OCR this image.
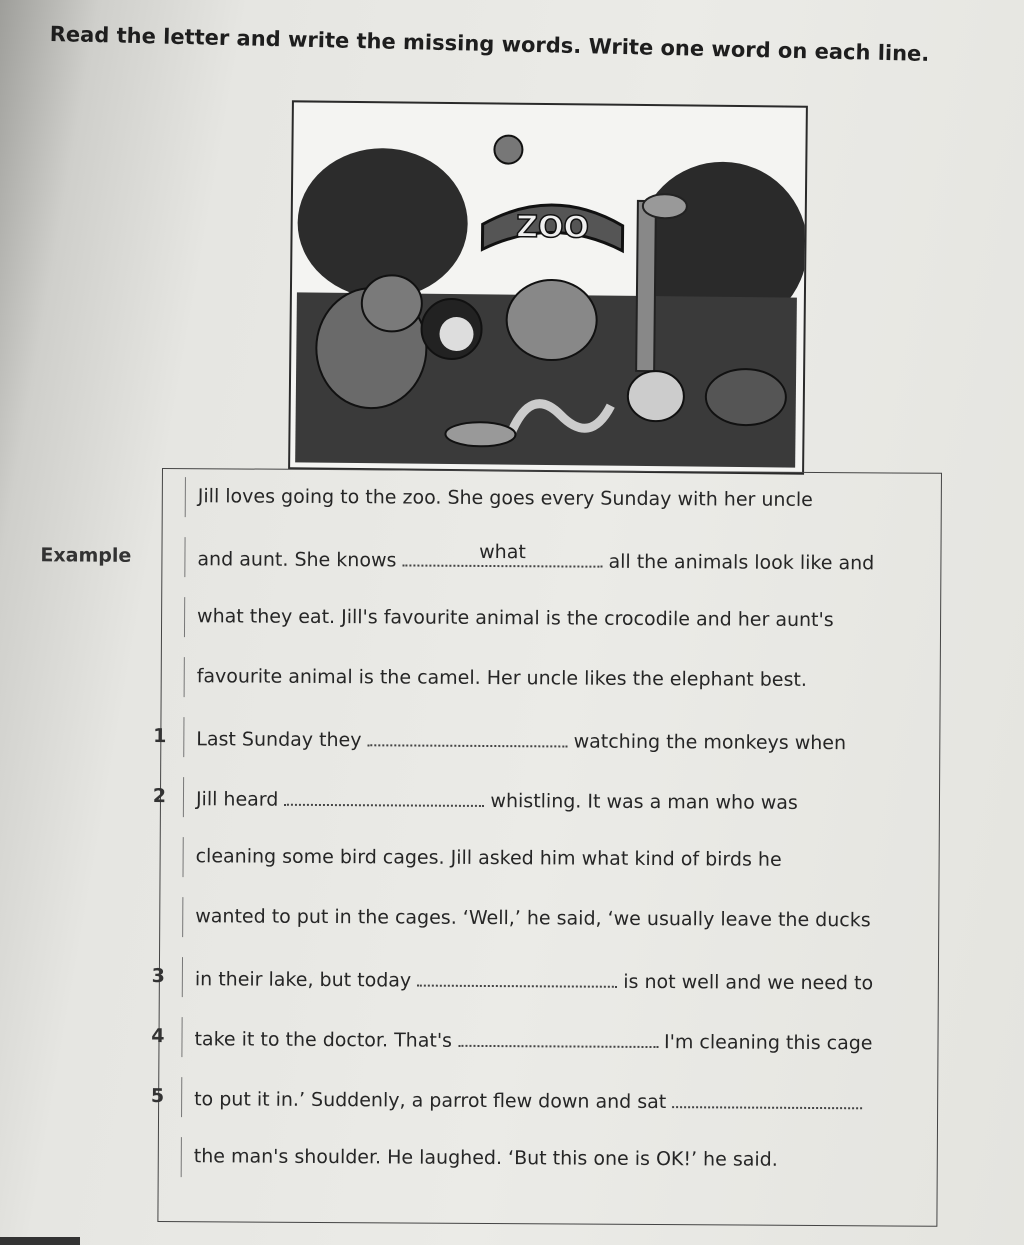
Read the letter and write the missing words. Write one word on each line.
ZOO
Jill loves going to the zoo. She goes every Sunday with her uncle
Example	and aunt. She knows	what	all the animals look like and
what they eat. Jill's favourite animal is the crocodile and her aunt's
favourite animal is the camel. Her uncle likes the elephant best.
1 Last Sunday they	watching the monkeys when
2 Jill heard	whistling. It was a man who was
cleaning some bird cages. Jill asked him what kind of birds he
wanted to put in the cages. ‘Well,’ he said, ‘we usually leave the ducks
3 in their lake, but today	is not well and we need to
4 take it to the doctor. That's	I'm cleaning this cage
5 to put it in.’ Suddenly, a parrot flew down and sat
the man's shoulder. He laughed. ‘But this one is OK!’ he said.
